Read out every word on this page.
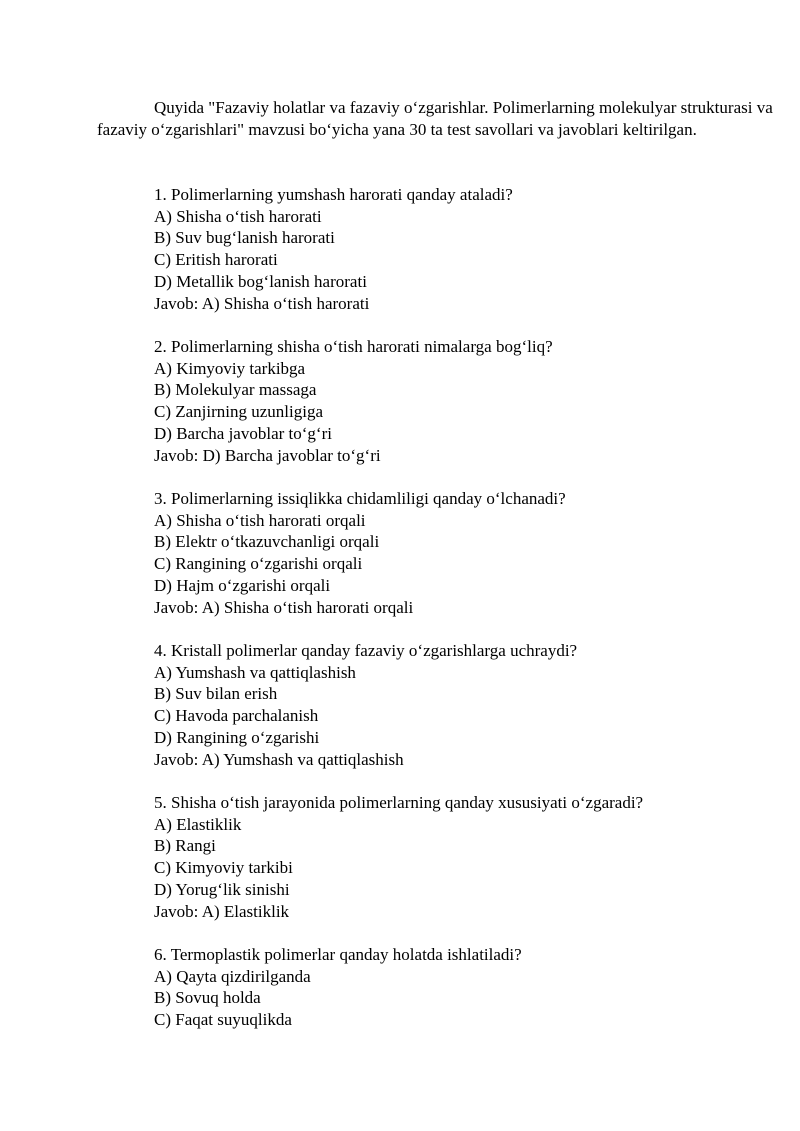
Quyida "Fazaviy holatlar va fazaviy o‘zgarishlar. Polimerlarning molekulyar strukturasi va fazaviy o‘zgarishlari" mavzusi bo‘yicha yana 30 ta test savollari va javoblari keltirilgan.

1. Polimerlarning yumshash harorati qanday ataladi?

A) Shisha o‘tish harorati

B) Suv bug‘lanish harorati

C) Eritish harorati

D) Metallik bog‘lanish harorati

Javob: A) Shisha o‘tish harorati

2. Polimerlarning shisha o‘tish harorati nimalarga bog‘liq?

A) Kimyoviy tarkibga

B) Molekulyar massaga

C) Zanjirning uzunligiga

D) Barcha javoblar to‘g‘ri

Javob: D) Barcha javoblar to‘g‘ri

3. Polimerlarning issiqlikka chidamliligi qanday o‘lchanadi?

A) Shisha o‘tish harorati orqali

B) Elektr o‘tkazuvchanligi orqali

C) Rangining o‘zgarishi orqali

D) Hajm o‘zgarishi orqali

Javob: A) Shisha o‘tish harorati orqali

4. Kristall polimerlar qanday fazaviy o‘zgarishlarga uchraydi?

A) Yumshash va qattiqlashish

B) Suv bilan erish

C) Havoda parchalanish

D) Rangining o‘zgarishi

Javob: A) Yumshash va qattiqlashish

5. Shisha o‘tish jarayonida polimerlarning qanday xususiyati o‘zgaradi?

A) Elastiklik

B) Rangi

C) Kimyoviy tarkibi

D) Yorug‘lik sinishi

Javob: A) Elastiklik

6. Termoplastik polimerlar qanday holatda ishlatiladi?

A) Qayta qizdirilganda

B) Sovuq holda

C) Faqat suyuqlikda
